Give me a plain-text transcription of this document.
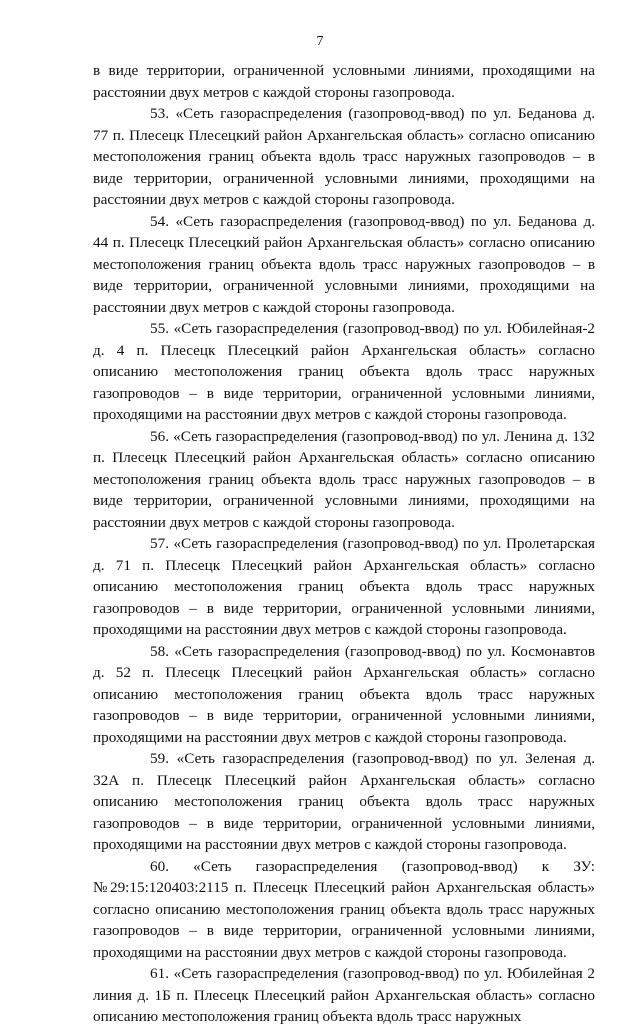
7

в виде территории, ограниченной условными линиями, проходящими на расстоянии двух метров с каждой стороны газопровода.

53. «Сеть газораспределения (газопровод-ввод) по ул. Беданова д. 77 п. Плесецк Плесецкий район Архангельская область» согласно описанию местоположения границ объекта вдоль трасс наружных газопроводов – в виде территории, ограниченной условными линиями, проходящими на расстоянии двух метров с каждой стороны газопровода.

54. «Сеть газораспределения (газопровод-ввод) по ул. Беданова д. 44 п. Плесецк Плесецкий район Архангельская область» согласно описанию местоположения границ объекта вдоль трасс наружных газопроводов – в виде территории, ограниченной условными линиями, проходящими на расстоянии двух метров с каждой стороны газопровода.

55. «Сеть газораспределения (газопровод-ввод) по ул. Юбилейная-2 д. 4 п. Плесецк Плесецкий район Архангельская область» согласно описанию местоположения границ объекта вдоль трасс наружных газопроводов – в виде территории, ограниченной условными линиями, проходящими на расстоянии двух метров с каждой стороны газопровода.

56. «Сеть газораспределения (газопровод-ввод) по ул. Ленина д. 132 п. Плесецк Плесецкий район Архангельская область» согласно описанию местоположения границ объекта вдоль трасс наружных газопроводов – в виде территории, ограниченной условными линиями, проходящими на расстоянии двух метров с каждой стороны газопровода.

57. «Сеть газораспределения (газопровод-ввод) по ул. Пролетарская д. 71 п. Плесецк Плесецкий район Архангельская область» согласно описанию местоположения границ объекта вдоль трасс наружных газопроводов – в виде территории, ограниченной условными линиями, проходящими на расстоянии двух метров с каждой стороны газопровода.

58. «Сеть газораспределения (газопровод-ввод) по ул. Космонавтов д. 52 п. Плесецк Плесецкий район Архангельская область» согласно описанию местоположения границ объекта вдоль трасс наружных газопроводов – в виде территории, ограниченной условными линиями, проходящими на расстоянии двух метров с каждой стороны газопровода.

59. «Сеть газораспределения (газопровод-ввод) по ул. Зеленая д. 32А п. Плесецк Плесецкий район Архангельская область» согласно описанию местоположения границ объекта вдоль трасс наружных газопроводов – в виде территории, ограниченной условными линиями, проходящими на расстоянии двух метров с каждой стороны газопровода.

60. «Сеть газораспределения (газопровод-ввод) к ЗУ:№29:15:120403:2115 п. Плесецк Плесецкий район Архангельская область» согласно описанию местоположения границ объекта вдоль трасс наружных газопроводов – в виде территории, ограниченной условными линиями, проходящими на расстоянии двух метров с каждой стороны газопровода.

61. «Сеть газораспределения (газопровод-ввод) по ул. Юбилейная 2 линия д. 1Б п. Плесецк Плесецкий район Архангельская область» согласно описанию местоположения границ объекта вдоль трасс наружных
